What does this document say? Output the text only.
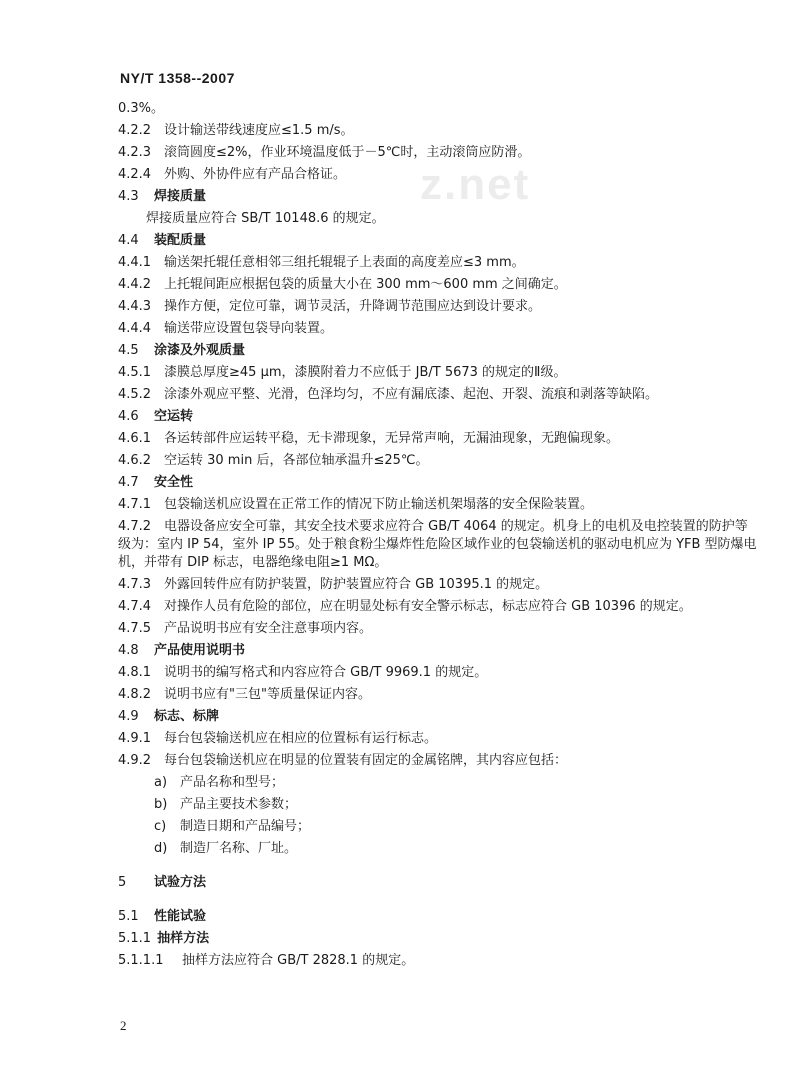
NY/T 1358--2007
z.net

0.3%。

4.2.2 设计输送带线速度应≤1.5 m/s。

4.2.3 滚筒圆度≤2%，作业环境温度低于－5℃时，主动滚筒应防滑。

4.2.4 外购、外协件应有产品合格证。

4.3 焊接质量

焊接质量应符合 SB/T 10148.6 的规定。

4.4 装配质量

4.4.1 输送架托辊任意相邻三组托辊辊子上表面的高度差应≤3 mm。

4.4.2 上托辊间距应根据包袋的质量大小在 300 mm～600 mm 之间确定。

4.4.3 操作方便，定位可靠，调节灵活，升降调节范围应达到设计要求。

4.4.4 输送带应设置包袋导向装置。

4.5 涂漆及外观质量

4.5.1 漆膜总厚度≥45 μm，漆膜附着力不应低于 JB/T 5673 的规定的Ⅱ级。

4.5.2 涂漆外观应平整、光滑，色泽均匀，不应有漏底漆、起泡、开裂、流痕和剥落等缺陷。

4.6 空运转

4.6.1 各运转部件应运转平稳，无卡滞现象，无异常声响，无漏油现象，无跑偏现象。

4.6.2 空运转 30 min 后，各部位轴承温升≤25℃。

4.7 安全性

4.7.1 包袋输送机应设置在正常工作的情况下防止输送机架塌落的安全保险装置。

4.7.2 电器设备应安全可靠，其安全技术要求应符合 GB/T 4064 的规定。机身上的电机及电控装置的防护等级为：室内 IP 54，室外 IP 55。处于粮食粉尘爆炸性危险区域作业的包袋输送机的驱动电机应为 YFB 型防爆电机，并带有 DIP 标志，电器绝缘电阻≥1 MΩ。

4.7.3 外露回转件应有防护装置，防护装置应符合 GB 10395.1 的规定。

4.7.4 对操作人员有危险的部位，应在明显处标有安全警示标志，标志应符合 GB 10396 的规定。

4.7.5 产品说明书应有安全注意事项内容。

4.8 产品使用说明书

4.8.1 说明书的编写格式和内容应符合 GB/T 9969.1 的规定。

4.8.2 说明书应有"三包"等质量保证内容。

4.9 标志、标牌

4.9.1 每台包袋输送机应在相应的位置标有运行标志。

4.9.2 每台包袋输送机应在明显的位置装有固定的金属铭牌，其内容应包括：

a) 产品名称和型号；

b) 产品主要技术参数；

c) 制造日期和产品编号；

d) 制造厂名称、厂址。

5 试验方法

5.1 性能试验

5.1.1 抽样方法

5.1.1.1 抽样方法应符合 GB/T 2828.1 的规定。

2
